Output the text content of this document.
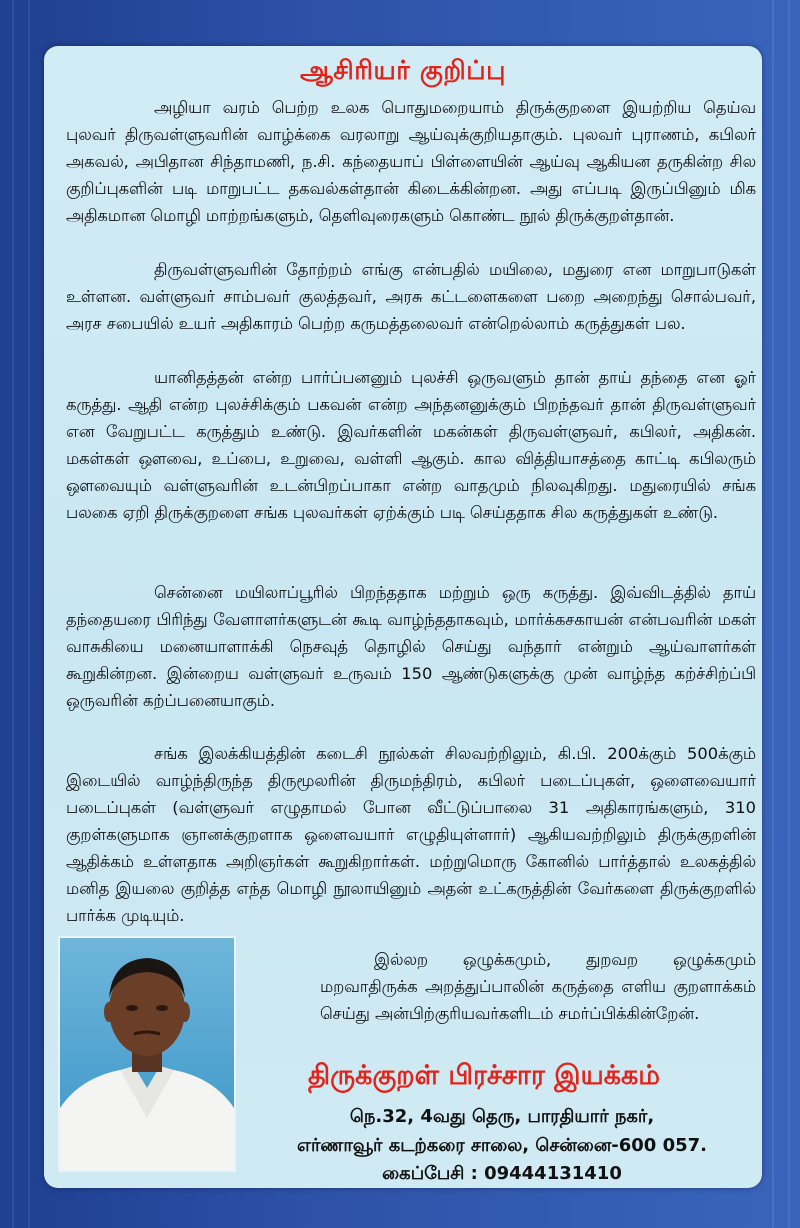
ஆசிரியர் குறிப்பு

அழியா வரம் பெற்ற உலக பொதுமறையாம் திருக்குறளை இயற்றிய தெய்வ புலவர் திருவள்ளுவரின் வாழ்க்கை வரலாறு ஆய்வுக்குறியதாகும். புலவர் புராணம், கபிலர் அகவல், அபிதான சிந்தாமணி, ந.சி. கந்தையாப் பிள்ளையின் ஆய்வு ஆகியன தருகின்ற சில குறிப்புகளின் படி மாறுபட்ட தகவல்கள்தான் கிடைக்கின்றன. அது எப்படி இருப்பினும் மிக அதிகமான மொழி மாற்றங்களும், தெளிவுரைகளும் கொண்ட நூல் திருக்குறள்தான்.

திருவள்ளுவரின் தோற்றம் எங்கு என்பதில் மயிலை, மதுரை என மாறுபாடுகள் உள்ளன. வள்ளுவர் சாம்பவர் குலத்தவர், அரசு கட்டளைகளை பறை அறைந்து சொல்பவர், அரச சபையில் உயர் அதிகாரம் பெற்ற கருமத்தலைவர் என்றெல்லாம் கருத்துகள் பல.

யானிதத்தன் என்ற பார்ப்பனனும் புலச்சி ஒருவளும் தான் தாய் தந்தை என ஓர் கருத்து. ஆதி என்ற புலச்சிக்கும் பகவன் என்ற அந்தனனுக்கும் பிறந்தவர் தான் திருவள்ளுவர் என வேறுபட்ட கருத்தும் உண்டு. இவர்களின் மகன்கள் திருவள்ளுவர், கபிலர், அதிகன். மகள்கள் ஔவை, உப்பை, உறுவை, வள்ளி ஆகும். கால வித்தியாசத்தை காட்டி கபிலரும் ஔவையும் வள்ளுவரின் உடன்பிறப்பாகா என்ற வாதமும் நிலவுகிறது. மதுரையில் சங்க பலகை ஏறி திருக்குறளை சங்க புலவர்கள் ஏற்க்கும் படி செய்ததாக சில கருத்துகள் உண்டு.

சென்னை மயிலாப்பூரில் பிறந்ததாக மற்றும் ஒரு கருத்து. இவ்விடத்தில் தாய் தந்தையரை பிரிந்து வேளாளர்களுடன் கூடி வாழ்ந்ததாகவும், மார்க்கசகாயன் என்பவரின் மகள் வாசுகியை மனையாளாக்கி நெசவுத் தொழில் செய்து வந்தார் என்றும் ஆய்வாளர்கள் கூறுகின்றன. இன்றைய வள்ளுவர் உருவம் 150 ஆண்டுகளுக்கு முன் வாழ்ந்த கற்ச்சிற்ப்பி ஒருவரின் கற்ப்பனையாகும்.

சங்க இலக்கியத்தின் கடைசி நூல்கள் சிலவற்றிலும், கி.பி. 200க்கும் 500க்கும் இடையில் வாழ்ந்திருந்த திருமூலரின் திருமந்திரம், கபிலர் படைப்புகள், ஒளைவையார் படைப்புகள் (வள்ளுவர் எழுதாமல் போன வீட்டுப்பாலை 31 அதிகாரங்களும், 310 குறள்களுமாக ஞானக்குறளாக ஒளைவயார் எழுதியுள்ளார்) ஆகியவற்றிலும் திருக்குறளின் ஆதிக்கம் உள்ளதாக அறிஞர்கள் கூறுகிறார்கள். மற்றுமொரு கோனில் பார்த்தால் உலகத்தில் மனித இயலை குறித்த எந்த மொழி நூலாயினும் அதன் உட்கருத்தின் வேர்களை திருக்குறளில் பார்க்க முடியும்.

இல்லற ஒழுக்கமும், துறவற ஒழுக்கமும் மறவாதிருக்க அறத்துப்பாலின் கருத்தை எளிய குறளாக்கம் செய்து அன்பிற்குரியவர்களிடம் சமர்ப்பிக்கின்றேன்.

திருக்குறள் பிரச்சார இயக்கம்
நெ.32, 4வது தெரு, பாரதியார் நகர்,
எர்ணாவூர் கடற்கரை சாலை, சென்னை-600 057.
கைப்பேசி : 09444131410
